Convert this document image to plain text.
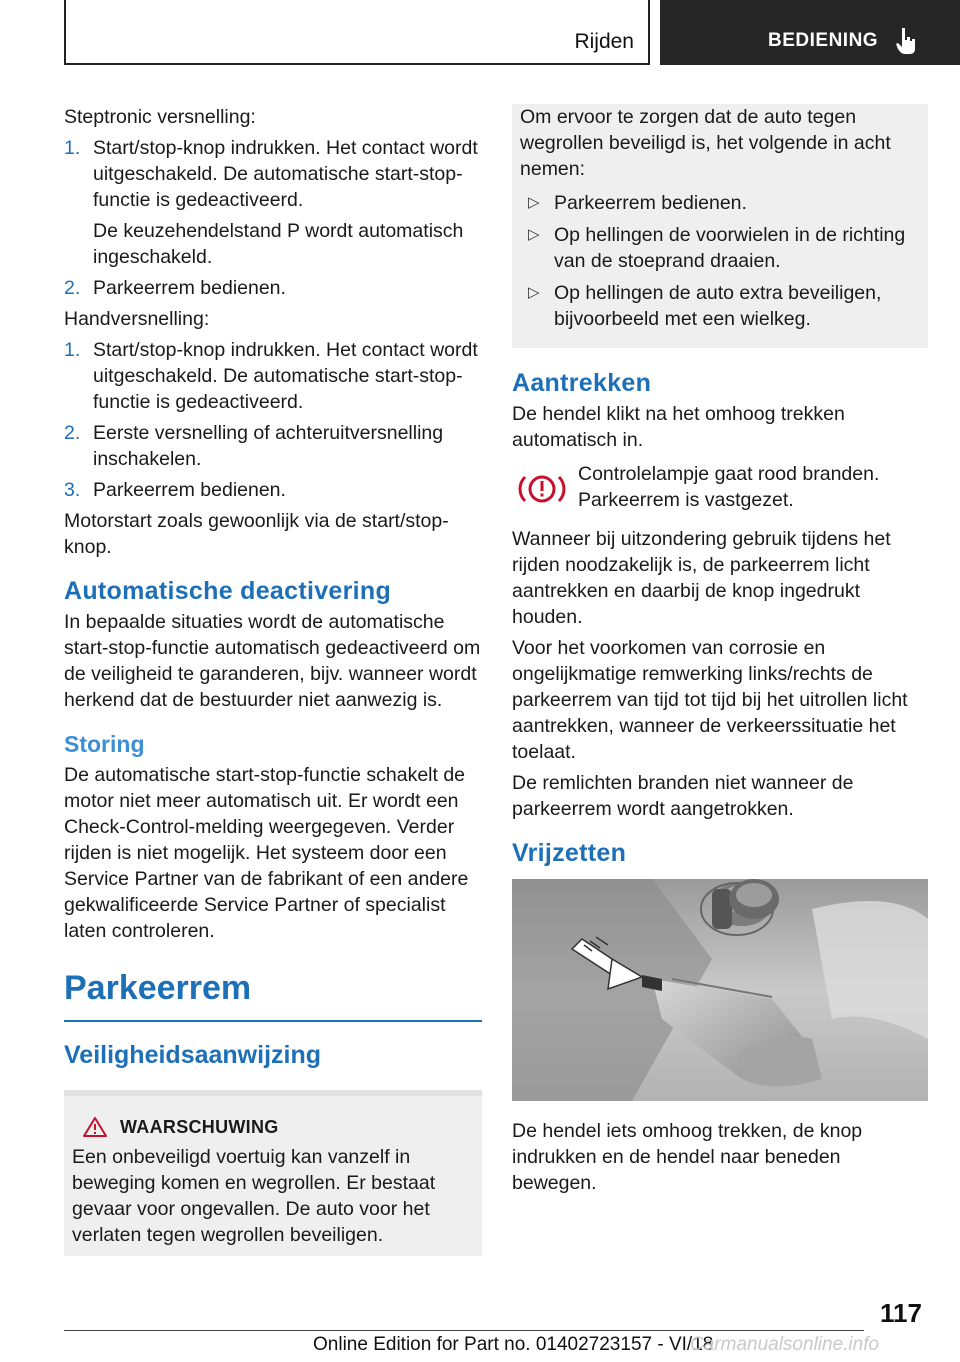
Rijden	BEDIENING

Steptronic versnelling:

1. Start/stop-knop indrukken. Het contact wordt uitgeschakeld. De automatische start-stop-functie is gedeactiveerd.

De keuzehendelstand P wordt automatisch ingeschakeld.

2. Parkeerrem bedienen.

Handversnelling:

1. Start/stop-knop indrukken. Het contact wordt uitgeschakeld. De automatische start-stop-functie is gedeactiveerd.

2. Eerste versnelling of achteruitversnelling inschakelen.

3. Parkeerrem bedienen.

Motorstart zoals gewoonlijk via de start/stop-knop.

Automatische deactivering

In bepaalde situaties wordt de automatische start-stop-functie automatisch gedeactiveerd om de veiligheid te garanderen, bijv. wanneer wordt herkend dat de bestuurder niet aanwezig is.

Storing

De automatische start-stop-functie schakelt de motor niet meer automatisch uit. Er wordt een Check-Control-melding weergegeven. Verder rijden is niet mogelijk. Het systeem door een Service Partner van de fabrikant of een andere gekwalificeerde Service Partner of specialist laten controleren.

Parkeerrem
Veiligheidsaanwijzing
WAARSCHUWING

Een onbeveiligd voertuig kan vanzelf in beweging komen en wegrollen. Er bestaat gevaar voor ongevallen. De auto voor het verlaten tegen wegrollen beveiligen.

Om ervoor te zorgen dat de auto tegen wegrollen beveiligd is, het volgende in acht nemen:

▷ Parkeerrem bedienen.
▷ Op hellingen de voorwielen in de richting van de stoeprand draaien.
▷ Op hellingen de auto extra beveiligen, bijvoorbeeld met een wielkeg.
Aantrekken

De hendel klikt na het omhoog trekken automatisch in.

Controlelampje gaat rood branden. Parkeerrem is vastgezet.

Wanneer bij uitzondering gebruik tijdens het rijden noodzakelijk is, de parkeerrem licht aantrekken en daarbij de knop ingedrukt houden.

Voor het voorkomen van corrosie en ongelijkmatige remwerking links/rechts de parkeerrem van tijd tot tijd bij het uitrollen licht aantrekken, wanneer de verkeerssituatie het toelaat.

De remlichten branden niet wanneer de parkeerrem wordt aangetrokken.

Vrijzetten

De hendel iets omhoog trekken, de knop indrukken en de hendel naar beneden bewegen.

117
Online Edition for Part no. 01402723157 - VI/18
Carmanualsonline.info
